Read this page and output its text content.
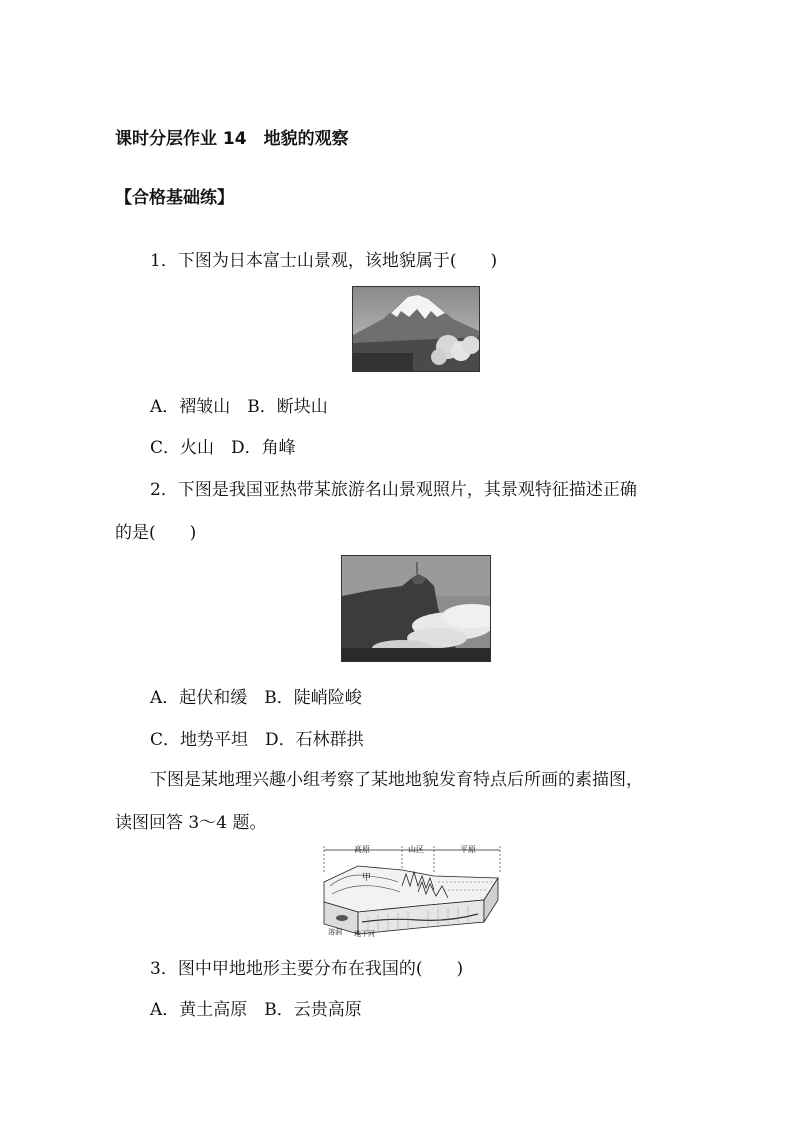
课时分层作业 14　地貌的观察
【合格基础练】
1．下图为日本富士山景观，该地貌属于(　　)
A．褶皱山　B．断块山
C．火山　D．角峰
2．下图是我国亚热带某旅游名山景观照片，其景观特征描述正确
的是(　　)
A．起伏和缓　B．陡峭险峻
C．地势平坦　D．石林群拱
下图是某地理兴趣小组考察了某地地貌发育特点后所画的素描图，
读图回答 3～4 题。
高原	山区	平原
甲
溶洞 地下河
3．图中甲地地形主要分布在我国的(　　)
A．黄土高原　B．云贵高原
